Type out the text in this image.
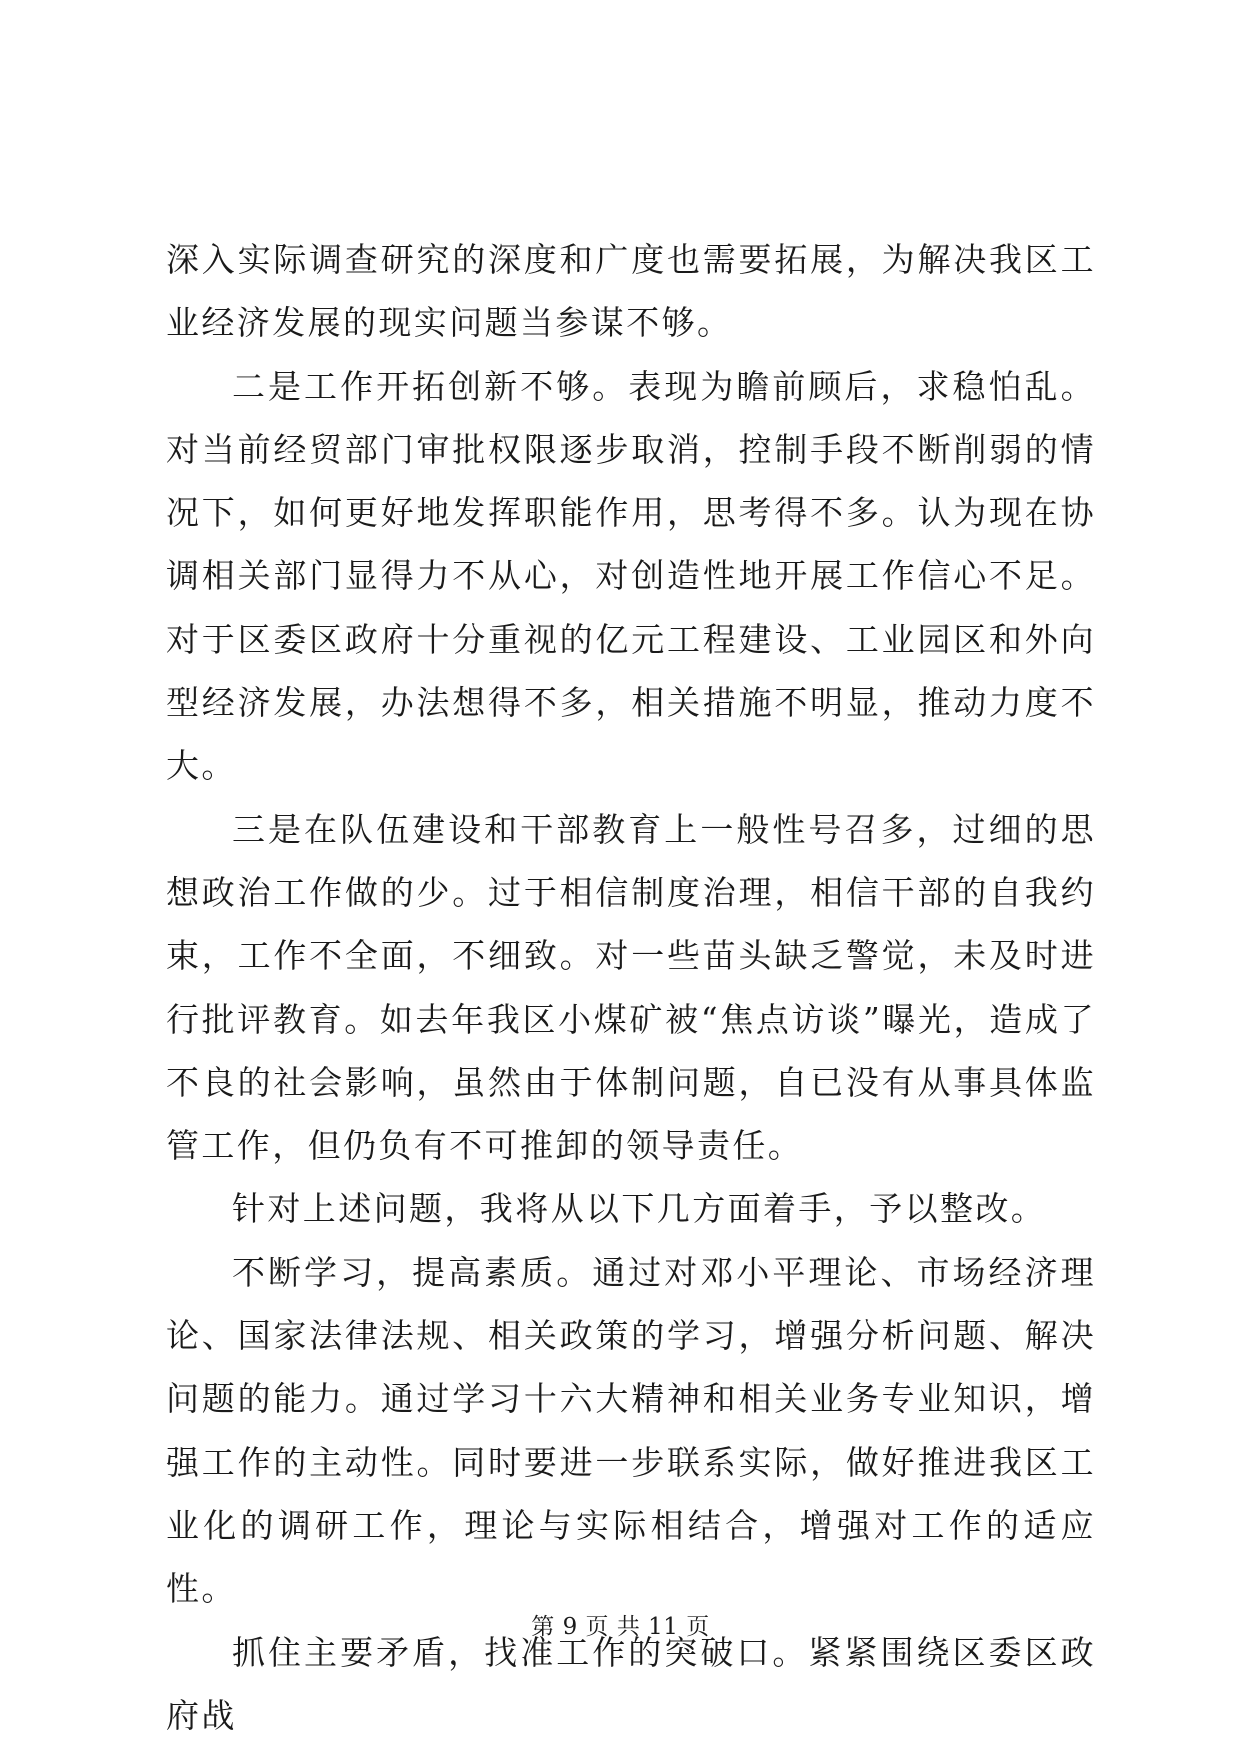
深入实际调查研究的深度和广度也需要拓展，为解决我区工业经济发展的现实问题当参谋不够。

二是工作开拓创新不够。表现为瞻前顾后，求稳怕乱。对当前经贸部门审批权限逐步取消，控制手段不断削弱的情况下，如何更好地发挥职能作用，思考得不多。认为现在协调相关部门显得力不从心，对创造性地开展工作信心不足。对于区委区政府十分重视的亿元工程建设、工业园区和外向型经济发展，办法想得不多，相关措施不明显，推动力度不大。

三是在队伍建设和干部教育上一般性号召多，过细的思想政治工作做的少。过于相信制度治理，相信干部的自我约束，工作不全面，不细致。对一些苗头缺乏警觉，未及时进行批评教育。如去年我区小煤矿被“焦点访谈”曝光，造成了不良的社会影响，虽然由于体制问题，自已没有从事具体监管工作，但仍负有不可推卸的领导责任。

针对上述问题，我将从以下几方面着手，予以整改。

不断学习，提高素质。通过对邓小平理论、市场经济理论、国家法律法规、相关政策的学习，增强分析问题、解决问题的能力。通过学习十六大精神和相关业务专业知识，增强工作的主动性。同时要进一步联系实际，做好推进我区工业化的调研工作，理论与实际相结合，增强对工作的适应性。

抓住主要矛盾，找准工作的突破口。紧紧围绕区委区政府战

第 9 页 共 11 页
